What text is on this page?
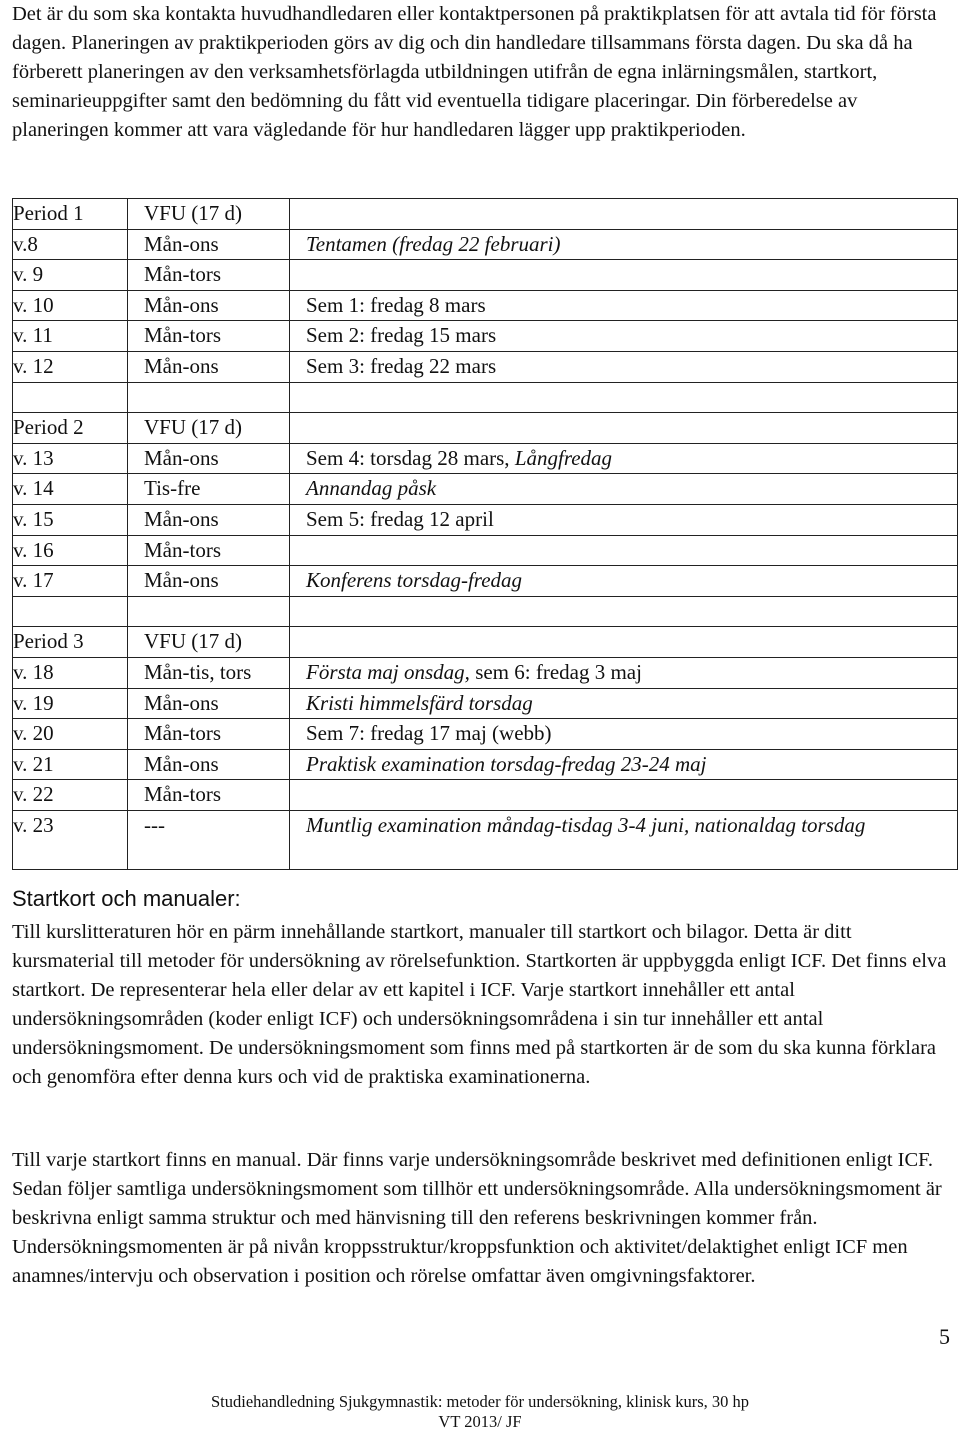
Det är du som ska kontakta huvudhandledaren eller kontaktpersonen på praktikplatsen för att avtala tid för första dagen. Planeringen av praktikperioden görs av dig och din handledare tillsammans första dagen. Du ska då ha förberett planeringen av den verksamhetsförlagda utbildningen utifrån de egna inlärningsmålen, startkort, seminarieuppgifter samt den bedömning du fått vid eventuella tidigare placeringar. Din förberedelse av planeringen kommer att vara vägledande för hur handledaren lägger upp praktikperioden.

Period 1	VFU (17 d)	
v.8	Mån-ons	Tentamen (fredag 22 februari)
v. 9	Mån-tors	
v. 10	Mån-ons	Sem 1: fredag 8 mars
v. 11	Mån-tors	Sem 2: fredag 15 mars
v. 12	Mån-ons	Sem 3: fredag 22 mars

Period 2	VFU (17 d)	
v. 13	Mån-ons	Sem 4: torsdag 28 mars, Långfredag
v. 14	Tis-fre	Annandag påsk
v. 15	Mån-ons	Sem 5: fredag 12 april
v. 16	Mån-tors	
v. 17	Mån-ons	Konferens torsdag-fredag

Period 3	VFU (17 d)	
v. 18	Mån-tis, tors	Första maj onsdag, sem 6: fredag 3 maj
v. 19	Mån-ons	Kristi himmelsfärd torsdag
v. 20	Mån-tors	Sem 7: fredag 17 maj (webb)
v. 21	Mån-ons	Praktisk examination torsdag-fredag 23-24 maj
v. 22	Mån-tors	
v. 23	---	Muntlig examination måndag-tisdag 3-4 juni, nationaldag torsdag
Startkort och manualer:

Till kurslitteraturen hör en pärm innehållande startkort, manualer till startkort och bilagor. Detta är ditt kursmaterial till metoder för undersökning av rörelsefunktion. Startkorten är uppbyggda enligt ICF. Det finns elva startkort. De representerar hela eller delar av ett kapitel i ICF. Varje startkort innehåller ett antal undersökningsområden (koder enligt ICF) och undersökningsområdena i sin tur innehåller ett antal undersökningsmoment. De undersökningsmoment som finns med på startkorten är de som du ska kunna förklara och genomföra efter denna kurs och vid de praktiska examinationerna.

Till varje startkort finns en manual. Där finns varje undersökningsområde beskrivet med definitionen enligt ICF. Sedan följer samtliga undersökningsmoment som tillhör ett undersökningsområde. Alla undersökningsmoment är beskrivna enligt samma struktur och med hänvisning till den referens beskrivningen kommer från. Undersökningsmomenten är på nivån kroppsstruktur/kroppsfunktion och aktivitet/delaktighet enligt ICF men anamnes/intervju och observation i position och rörelse omfattar även omgivningsfaktorer.

5
Studiehandledning Sjukgymnastik: metoder för undersökning, klinisk kurs, 30 hp
VT 2013/ JF
